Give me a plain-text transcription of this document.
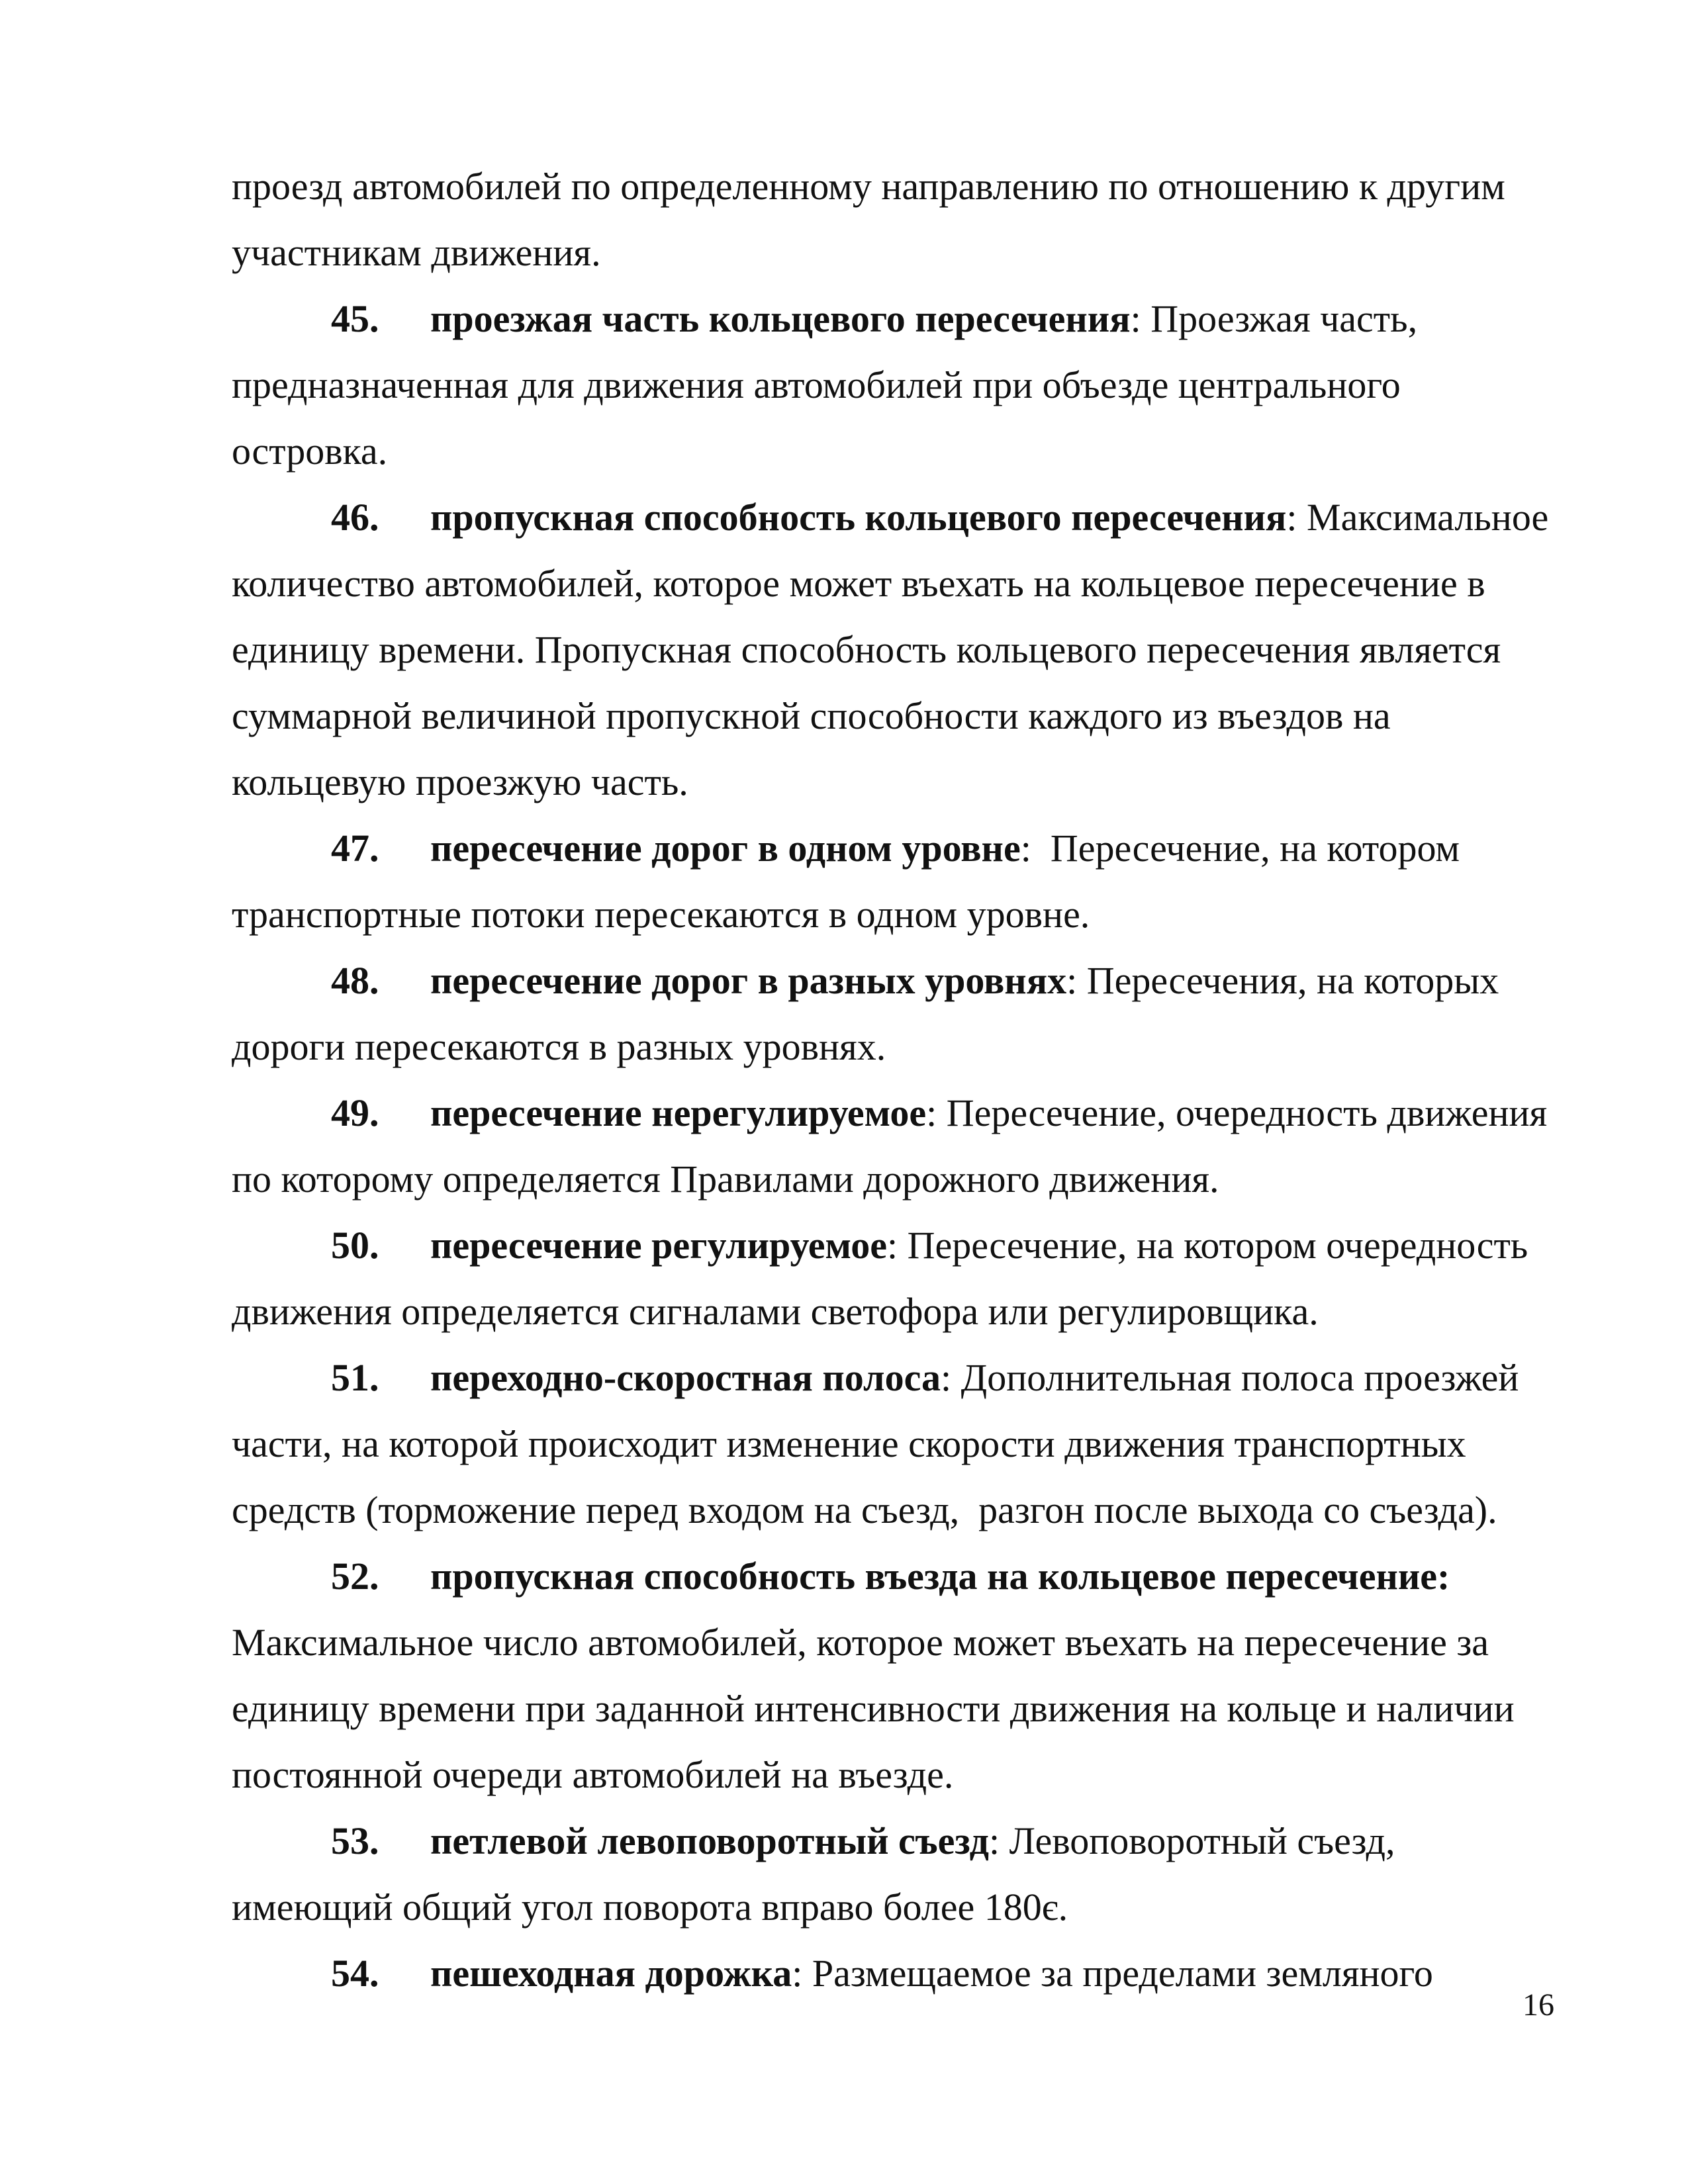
проезд автомобилей по определенному направлению по отношению к другим
участникам движения.
45. проезжая часть кольцевого пересечения: Проезжая часть,
предназначенная для движения автомобилей при объезде центрального
островка.
46. пропускная способность кольцевого пересечения: Максимальное
количество автомобилей, которое может въехать на кольцевое пересечение в
единицу времени. Пропускная способность кольцевого пересечения является
суммарной величиной пропускной способности каждого из въездов на
кольцевую проезжую часть.
47. пересечение дорог в одном уровне:  Пересечение, на котором
транспортные потоки пересекаются в одном уровне.
48. пересечение дорог в разных уровнях: Пересечения, на которых
дороги пересекаются в разных уровнях.
49. пересечение нерегулируемое: Пересечение, очередность движения
по которому определяется Правилами дорожного движения.
50. пересечение регулируемое: Пересечение, на котором очередность
движения определяется сигналами светофора или регулировщика.
51. переходно-скоростная полоса: Дополнительная полоса проезжей
части, на которой происходит изменение скорости движения транспортных
средств (торможение перед входом на съезд,  разгон после выхода со съезда).
52. пропускная способность въезда на кольцевое пересечение:
Максимальное число автомобилей, которое может въехать на пересечение за
единицу времени при заданной интенсивности движения на кольце и наличии
постоянной очереди автомобилей на въезде.
53. петлевой левоповоротный съезд: Левоповоротный съезд,
имеющий общий угол поворота вправо более 180є.
54. пешеходная дорожка: Размещаемое за пределами земляного
16
